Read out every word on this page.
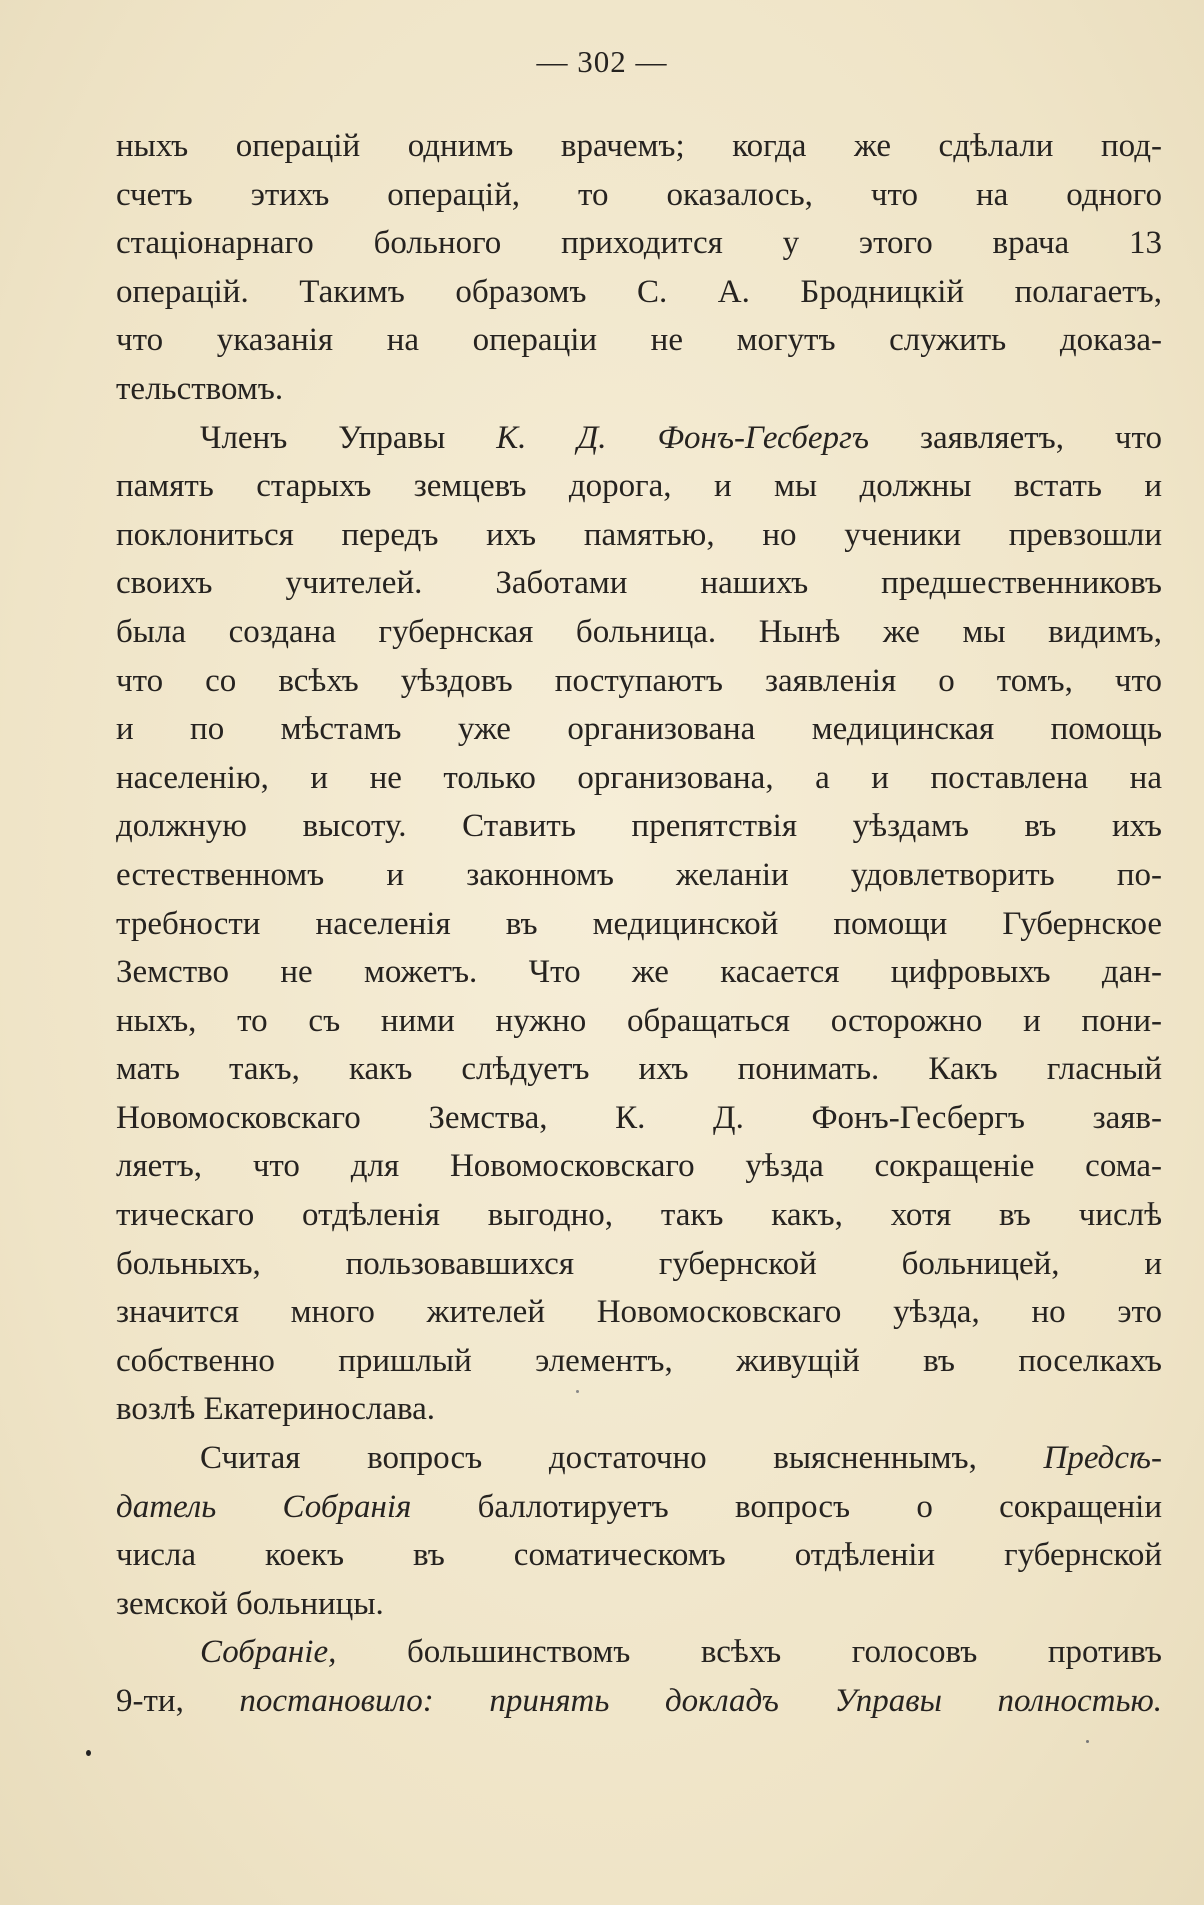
— 302 —
ныхъ операцій однимъ врачемъ; когда же сдѣлали под-
счетъ этихъ операцій, то оказалось, что на одного
стаціонарнаго больного приходится у этого врача 13
операцій. Такимъ образомъ С. А. Бродницкій полагаетъ,
что указанія на операціи не могутъ служить доказа-
тельствомъ.
Членъ Управы К. Д. Фонъ-Гесбергъ заявляетъ, что
память старыхъ земцевъ дорога, и мы должны встать и
поклониться передъ ихъ памятью, но ученики превзошли
своихъ учителей. Заботами нашихъ предшественниковъ
была создана губернская больница. Нынѣ же мы видимъ,
что со всѣхъ уѣздовъ поступаютъ заявленія о томъ, что
и по мѣстамъ уже организована медицинская помощь
населенію, и не только организована, а и поставлена на
должную высоту. Ставить препятствія уѣздамъ въ ихъ
естественномъ и законномъ желаніи удовлетворить по-
требности населенія въ медицинской помощи Губернское
Земство не можетъ. Что же касается цифровыхъ дан-
ныхъ, то съ ними нужно обращаться осторожно и пони-
мать такъ, какъ слѣдуетъ ихъ понимать. Какъ гласный
Новомосковскаго Земства, К. Д. Фонъ-Гесбергъ заяв-
ляетъ, что для Новомосковскаго уѣзда сокращеніе сома-
тическаго отдѣленія выгодно, такъ какъ, хотя въ числѣ
больныхъ, пользовавшихся губернской больницей, и
значится много жителей Новомосковскаго уѣзда, но это
собственно пришлый элементъ, живущій въ поселкахъ
возлѣ Екатеринослава.
Считая вопросъ достаточно выясненнымъ, Предсѣ-
датель Собранія баллотируетъ вопросъ о сокращеніи
числа коекъ въ соматическомъ отдѣленіи губернской
земской больницы.
Собраніе, большинствомъ всѣхъ голосовъ противъ
9-ти, постановило: принять докладъ Управы полностью.
